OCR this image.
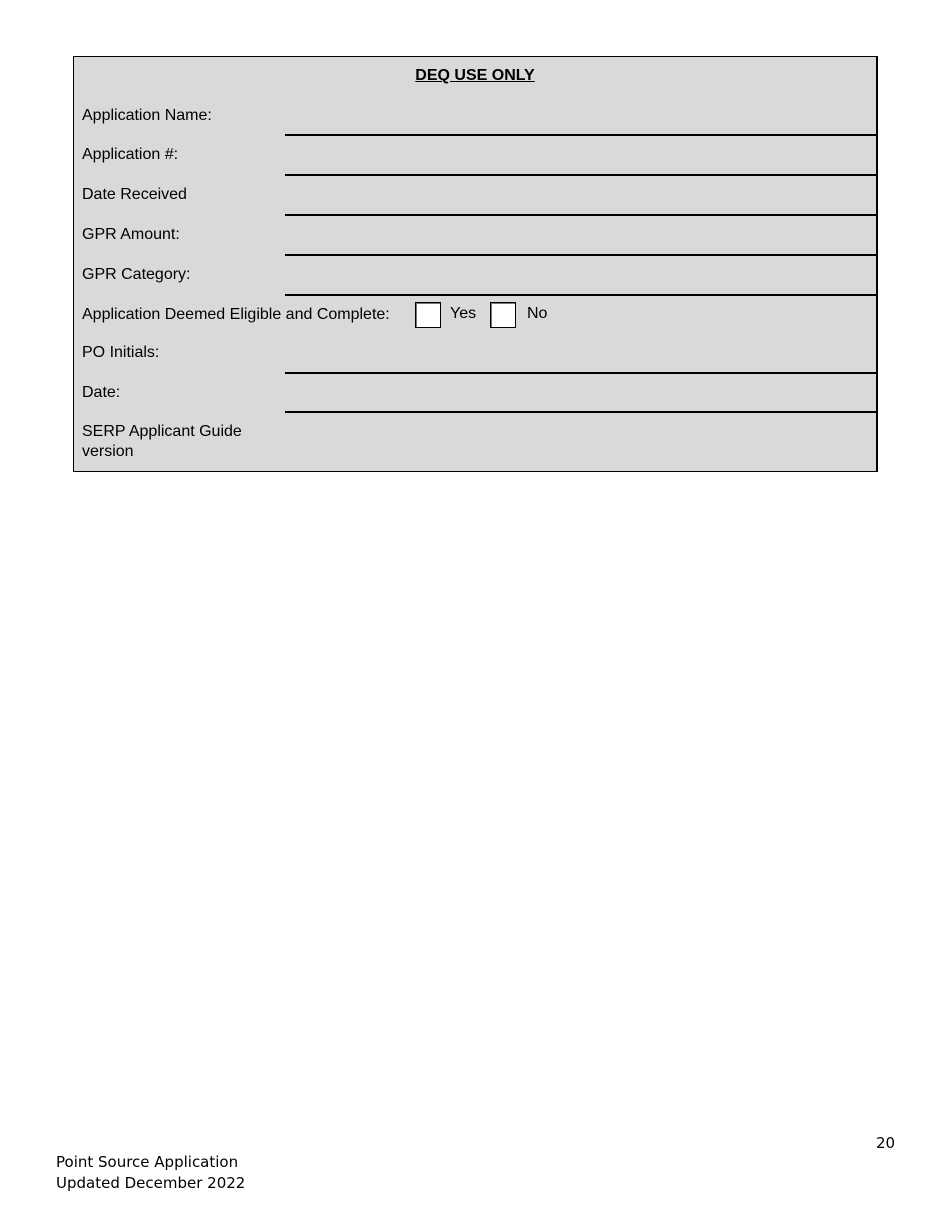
DEQ USE ONLY
Application Name:
Application #:
Date Received
GPR Amount:
GPR Category:
Application Deemed Eligible and Complete:	Yes	No
PO Initials:
Date:
SERP Applicant Guide version
20
Point Source Application
Updated December 2022
